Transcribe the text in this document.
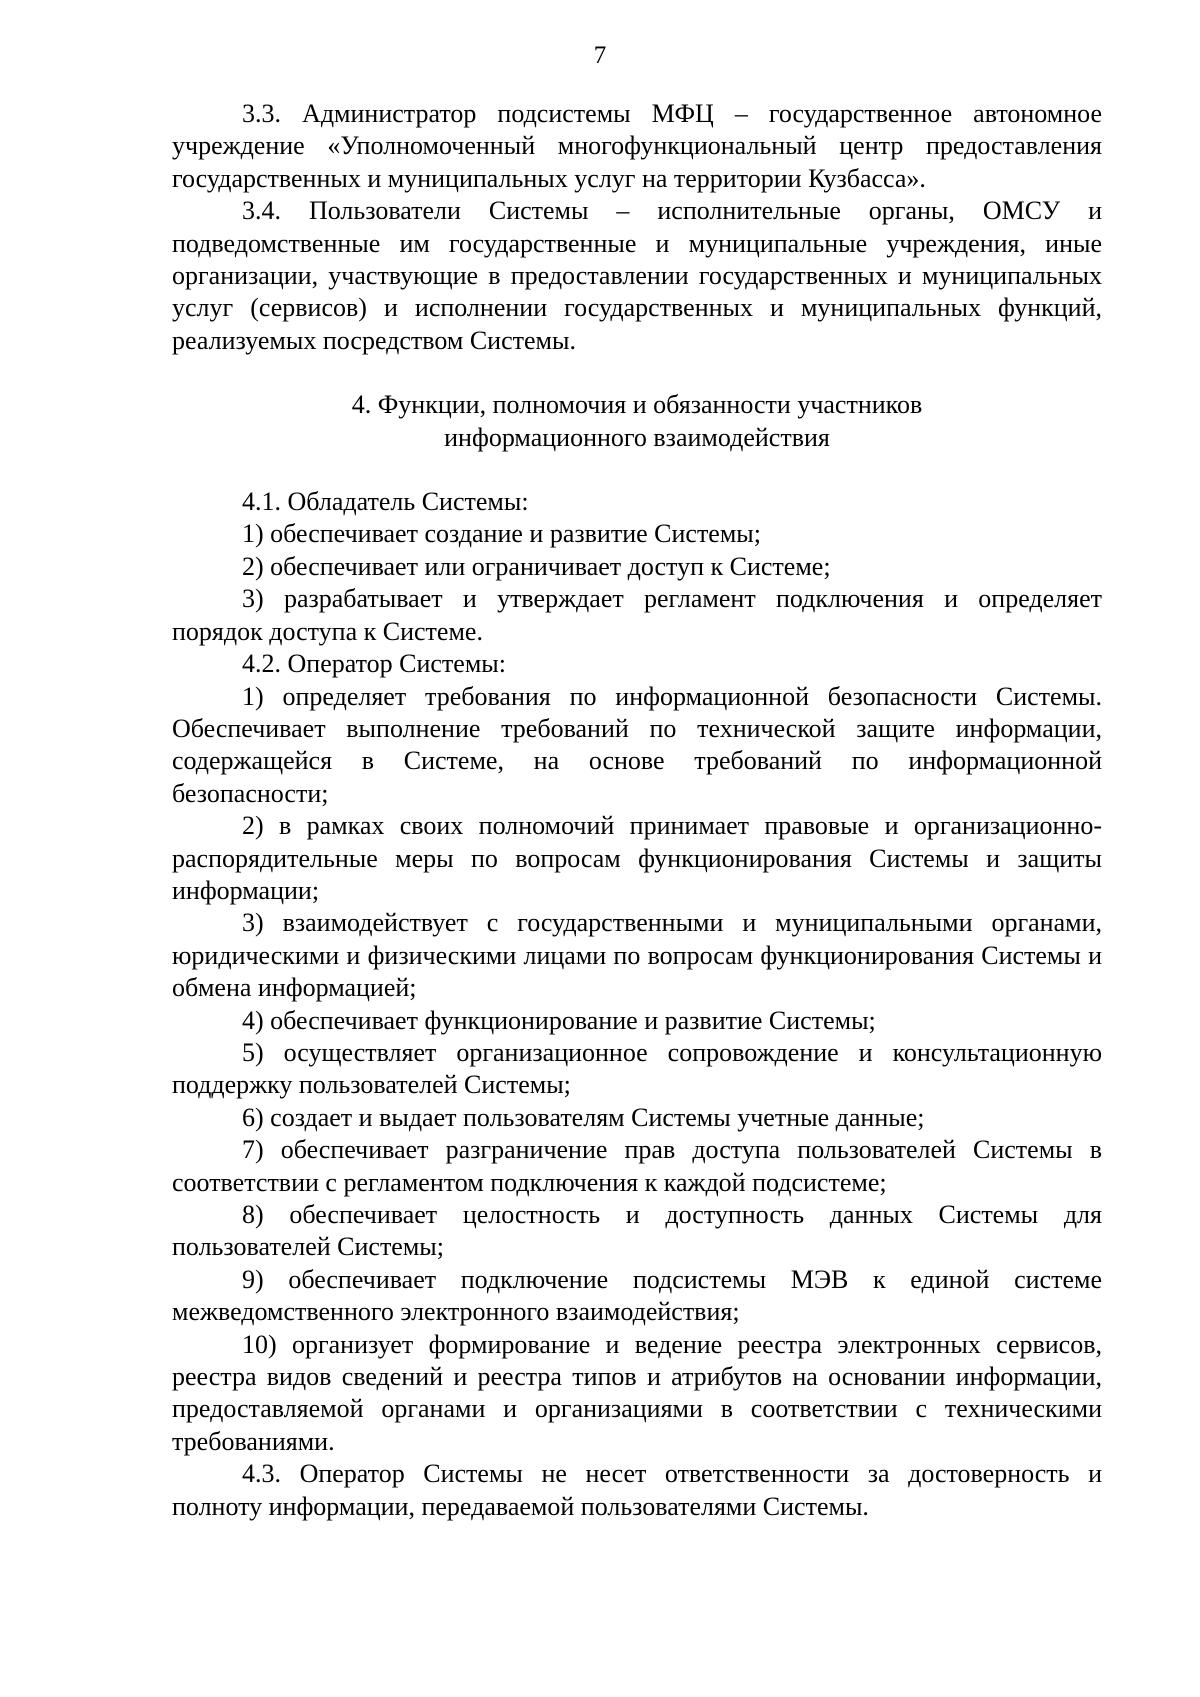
7

3.3. Администратор подсистемы МФЦ – государственное автономное учреждение «Уполномоченный многофункциональный центр предоставления государственных и муниципальных услуг на территории Кузбасса».

3.4. Пользователи Системы – исполнительные органы, ОМСУ и подведомственные им государственные и муниципальные учреждения, иные организации, участвующие в предоставлении государственных и муниципальных услуг (сервисов) и исполнении государственных и муниципальных функций, реализуемых посредством Системы.

4. Функции, полномочия и обязанности участников
информационного взаимодействия

4.1. Обладатель Системы:

1) обеспечивает создание и развитие Системы;

2) обеспечивает или ограничивает доступ к Системе;

3) разрабатывает и утверждает регламент подключения и определяет порядок доступа к Системе.

4.2. Оператор Системы:

1) определяет требования по информационной безопасности Системы. Обеспечивает выполнение требований по технической защите информации, содержащейся в Системе, на основе требований по информационной безопасности;

2) в рамках своих полномочий принимает правовые и организационно-распорядительные меры по вопросам функционирования Системы и защиты информации;

3) взаимодействует с государственными и муниципальными органами, юридическими и физическими лицами по вопросам функционирования Системы и обмена информацией;

4) обеспечивает функционирование и развитие Системы;

5) осуществляет организационное сопровождение и консультационную поддержку пользователей Системы;

6) создает и выдает пользователям Системы учетные данные;

7) обеспечивает разграничение прав доступа пользователей Системы в соответствии с регламентом подключения к каждой подсистеме;

8) обеспечивает целостность и доступность данных Системы для пользователей Системы;

9) обеспечивает подключение подсистемы МЭВ к единой системе межведомственного электронного взаимодействия;

10) организует формирование и ведение реестра электронных сервисов, реестра видов сведений и реестра типов и атрибутов на основании информации, предоставляемой органами и организациями в соответствии с техническими требованиями.

4.3. Оператор Системы не несет ответственности за достоверность и полноту информации, передаваемой пользователями Системы.
